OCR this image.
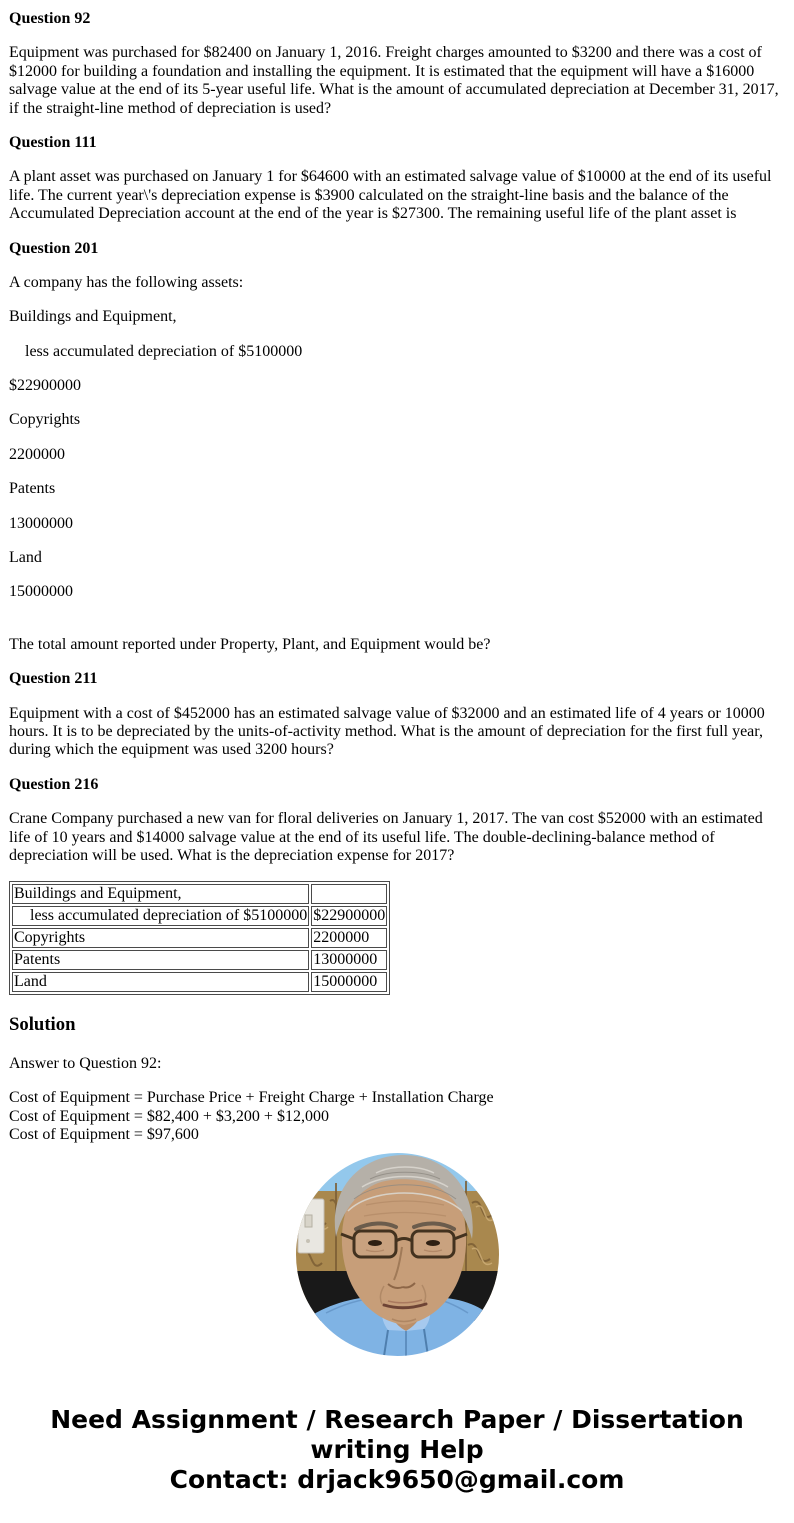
Question 92

Equipment was purchased for $82400 on January 1, 2016. Freight charges amounted to $3200 and there was a cost of $12000 for building a foundation and installing the equipment. It is estimated that the equipment will have a $16000 salvage value at the end of its 5-year useful life. What is the amount of accumulated depreciation at December 31, 2017, if the straight-line method of depreciation is used?

Question 111

A plant asset was purchased on January 1 for $64600 with an estimated salvage value of $10000 at the end of its useful life. The current year\'s depreciation expense is $3900 calculated on the straight-line basis and the balance of the Accumulated Depreciation account at the end of the year is $27300. The remaining useful life of the plant asset is

Question 201

A company has the following assets:

Buildings and Equipment,

less accumulated depreciation of $5100000

$22900000

Copyrights

2200000

Patents

13000000

Land

15000000

The total amount reported under Property, Plant, and Equipment would be?

Question 211

Equipment with a cost of $452000 has an estimated salvage value of $32000 and an estimated life of 4 years or 10000 hours. It is to be depreciated by the units-of-activity method. What is the amount of depreciation for the first full year, during which the equipment was used 3200 hours?

Question 216

Crane Company purchased a new van for floral deliveries on January 1, 2017. The van cost $52000 with an estimated life of 10 years and $14000 salvage value at the end of its useful life. The double-declining-balance method of depreciation will be used. What is the depreciation expense for 2017?

Buildings and Equipment,	
less accumulated depreciation of $5100000	$22900000
Copyrights	2200000
Patents	13000000
Land	15000000
Solution

Answer to Question 92:

Cost of Equipment = Purchase Price + Freight Charge + Installation Charge
Cost of Equipment = $82,400 + $3,200 + $12,000
Cost of Equipment = $97,600
Need Assignment / Research Paper / Dissertation
writing Help
Contact: drjack9650@gmail.com
